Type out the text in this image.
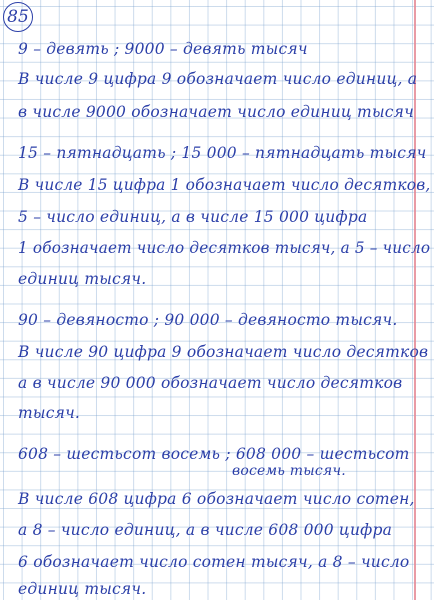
85
9 – девять ; 9000 – девять тысяч
В числе 9 цифра 9 обозначает число единиц, а
в числе 9000 обозначает число единиц тысяч
15 – пятнадцать ; 15 000 – пятнадцать тысяч
В числе 15 цифра 1 обозначает число десятков,
5 – число единиц, а в числе 15 000 цифра
1 обозначает число десятков тысяч, а 5 – число
единиц тысяч.
90 – девяносто ; 90 000 – девяносто тысяч.
В числе 90 цифра 9 обозначает число десятков
а в числе 90 000 обозначает число десятков
тысяч.
608 – шестьсот восемь ; 608 000 – шестьсот
восемь тысяч.
В числе 608 цифра 6 обозначает число сотен,
а 8 – число единиц, а в числе 608 000 цифра
6 обозначает число сотен тысяч, а 8 – число
единиц тысяч.
